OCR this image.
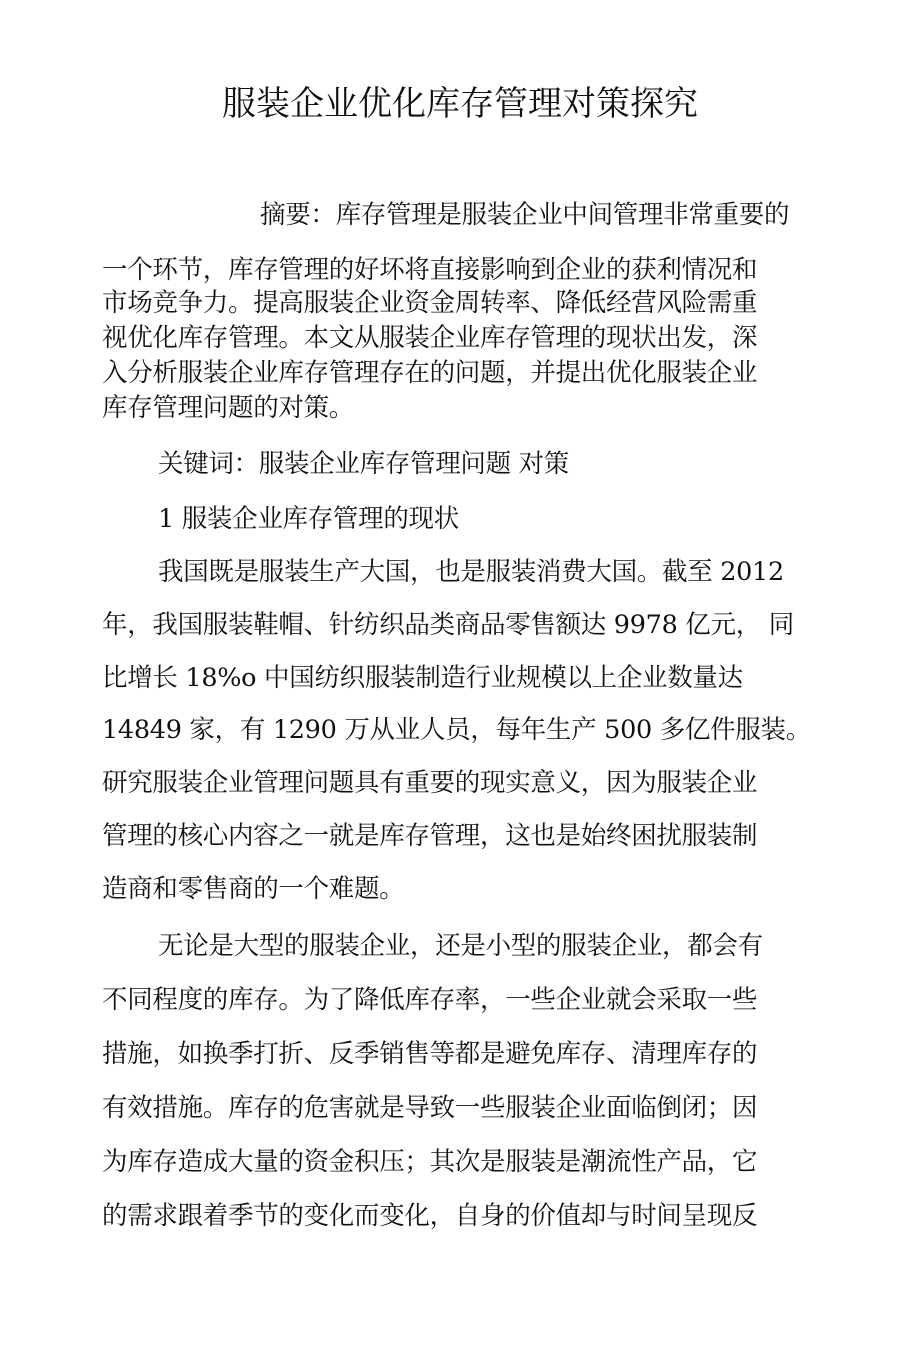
服装企业优化库存管理对策探究
摘要：库存管理是服装企业中间管理非常重要的
一个环节，库存管理的好坏将直接影响到企业的获利情况和
市场竞争力。提高服装企业资金周转率、降低经营风险需重
视优化库存管理。本文从服装企业库存管理的现状出发，深
入分析服装企业库存管理存在的问题，并提出优化服装企业
库存管理问题的对策。
关键词：服装企业库存管理问题 对策
1 服装企业库存管理的现状
我国既是服装生产大国，也是服装消费大国。截至 2012
年，我国服装鞋帽、针纺织品类商品零售额达 9978 亿元， 同
比增长 18%o 中国纺织服装制造行业规模以上企业数量达
14849 家，有 1290 万从业人员，每年生产 500 多亿件服装。
研究服装企业管理问题具有重要的现实意义，因为服装企业
管理的核心内容之一就是库存管理，这也是始终困扰服装制
造商和零售商的一个难题。
无论是大型的服装企业，还是小型的服装企业，都会有
不同程度的库存。为了降低库存率，一些企业就会采取一些
措施，如换季打折、反季销售等都是避免库存、清理库存的
有效措施。库存的危害就是导致一些服装企业面临倒闭；因
为库存造成大量的资金积压；其次是服装是潮流性产品，它
的需求跟着季节的变化而变化，自身的价值却与时间呈现反
